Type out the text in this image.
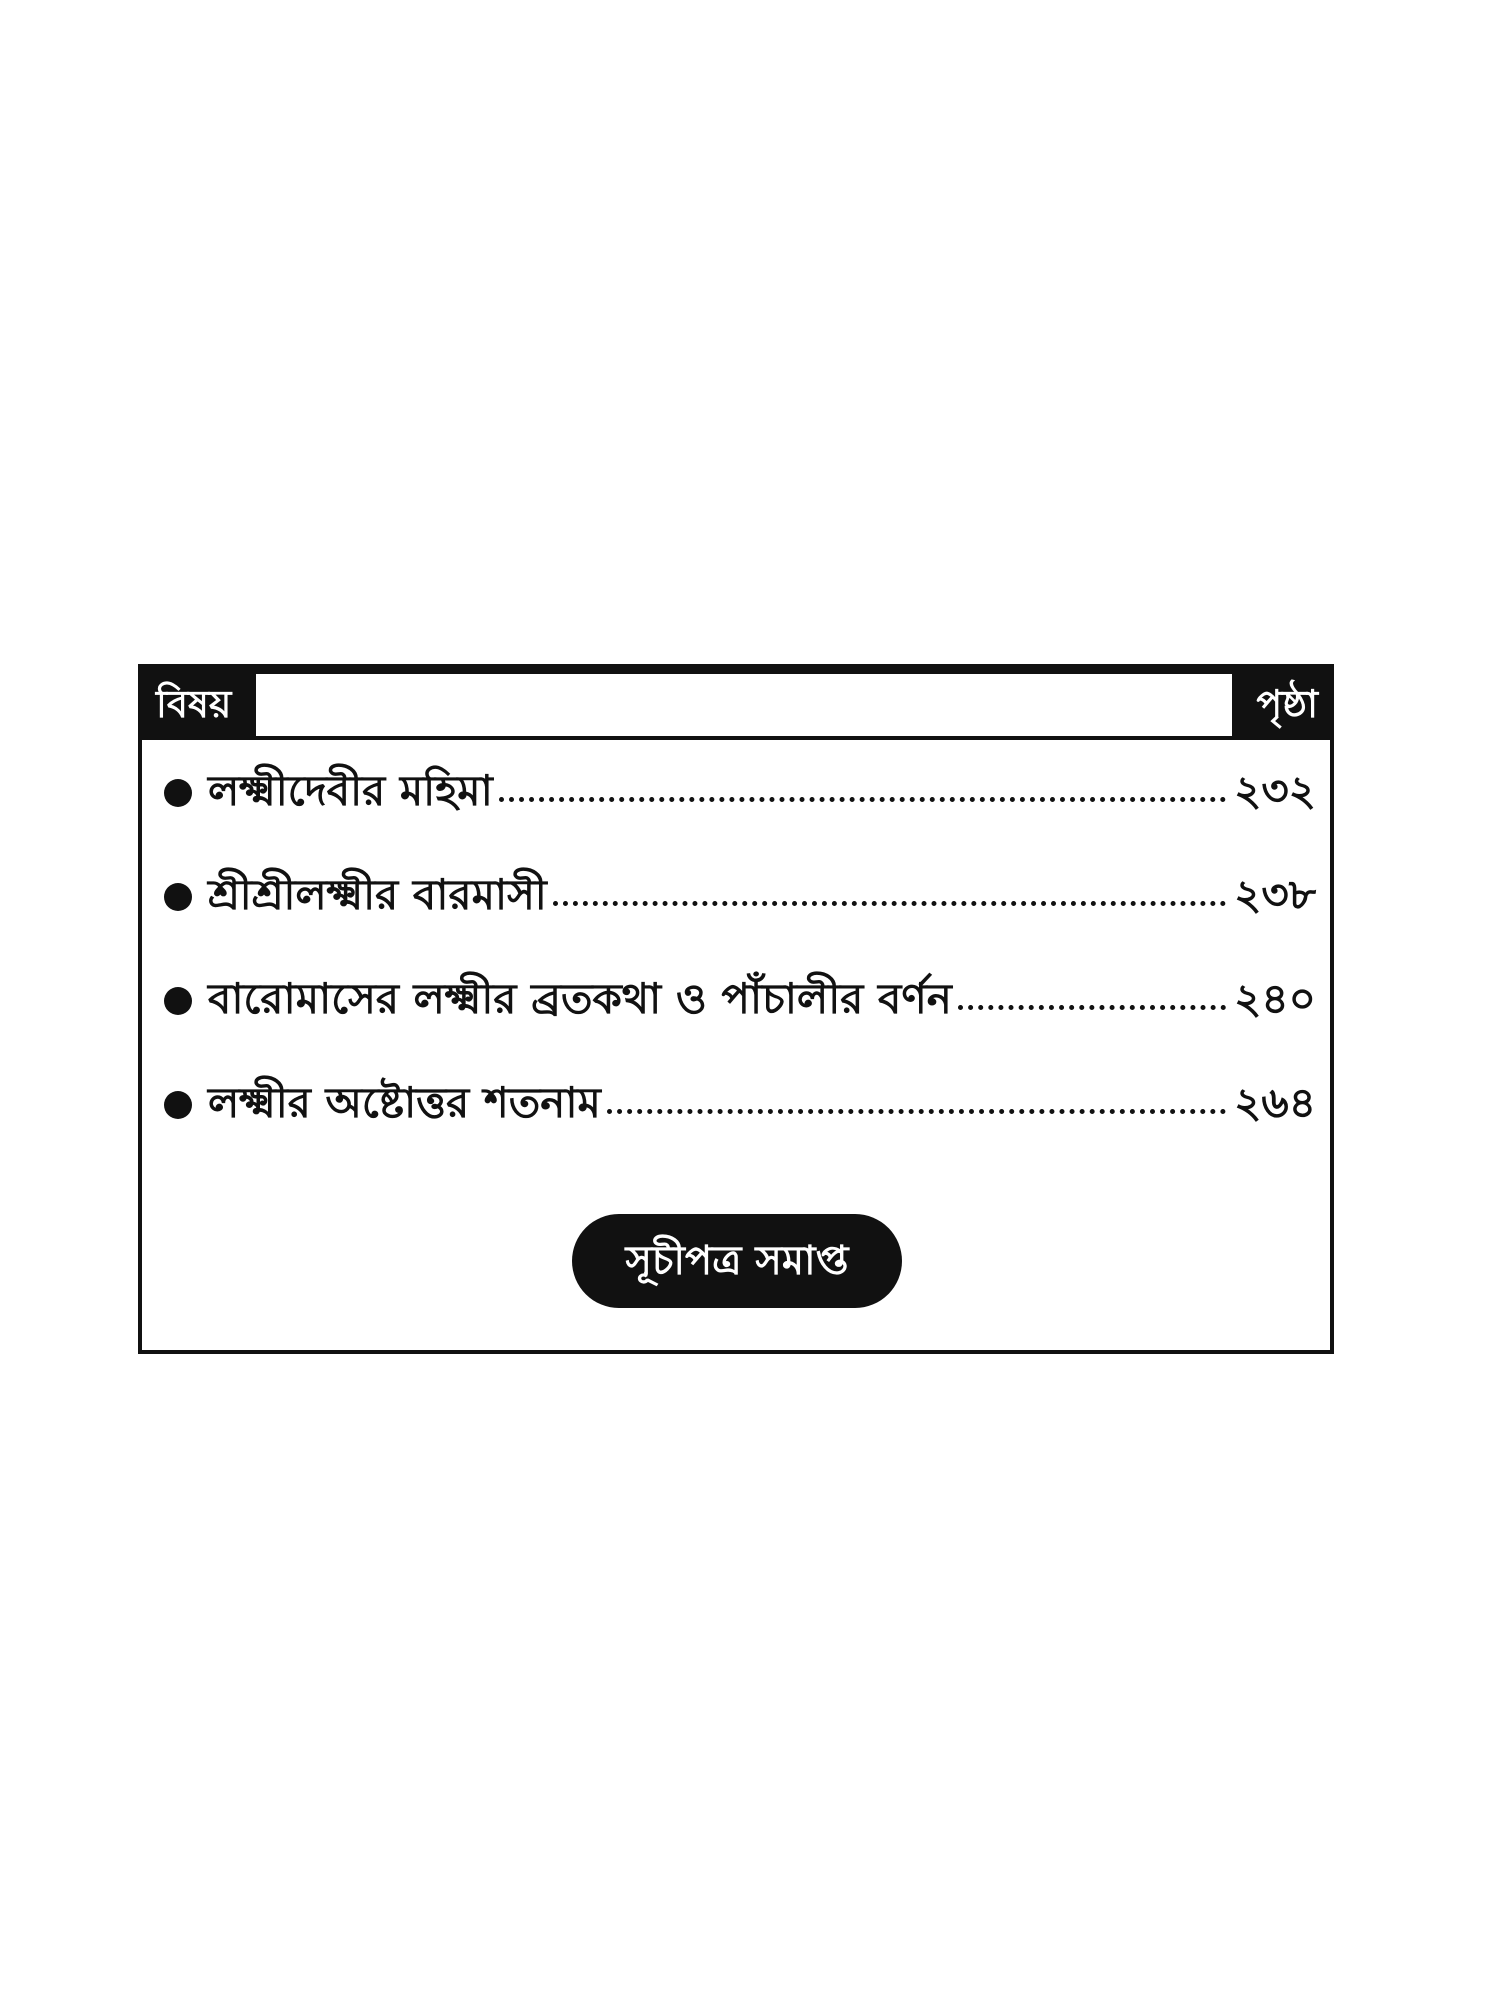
বিষয়	পৃষ্ঠা
লক্ষ্মীদেবীর মহিমা	২৩২
শ্রীশ্রীলক্ষ্মীর বারমাসী	২৩৮
বারোমাসের লক্ষ্মীর ব্রতকথা ও পাঁচালীর বর্ণন	২৪০
লক্ষ্মীর অষ্টোত্তর শতনাম	২৬৪
সূচীপত্র সমাপ্ত
